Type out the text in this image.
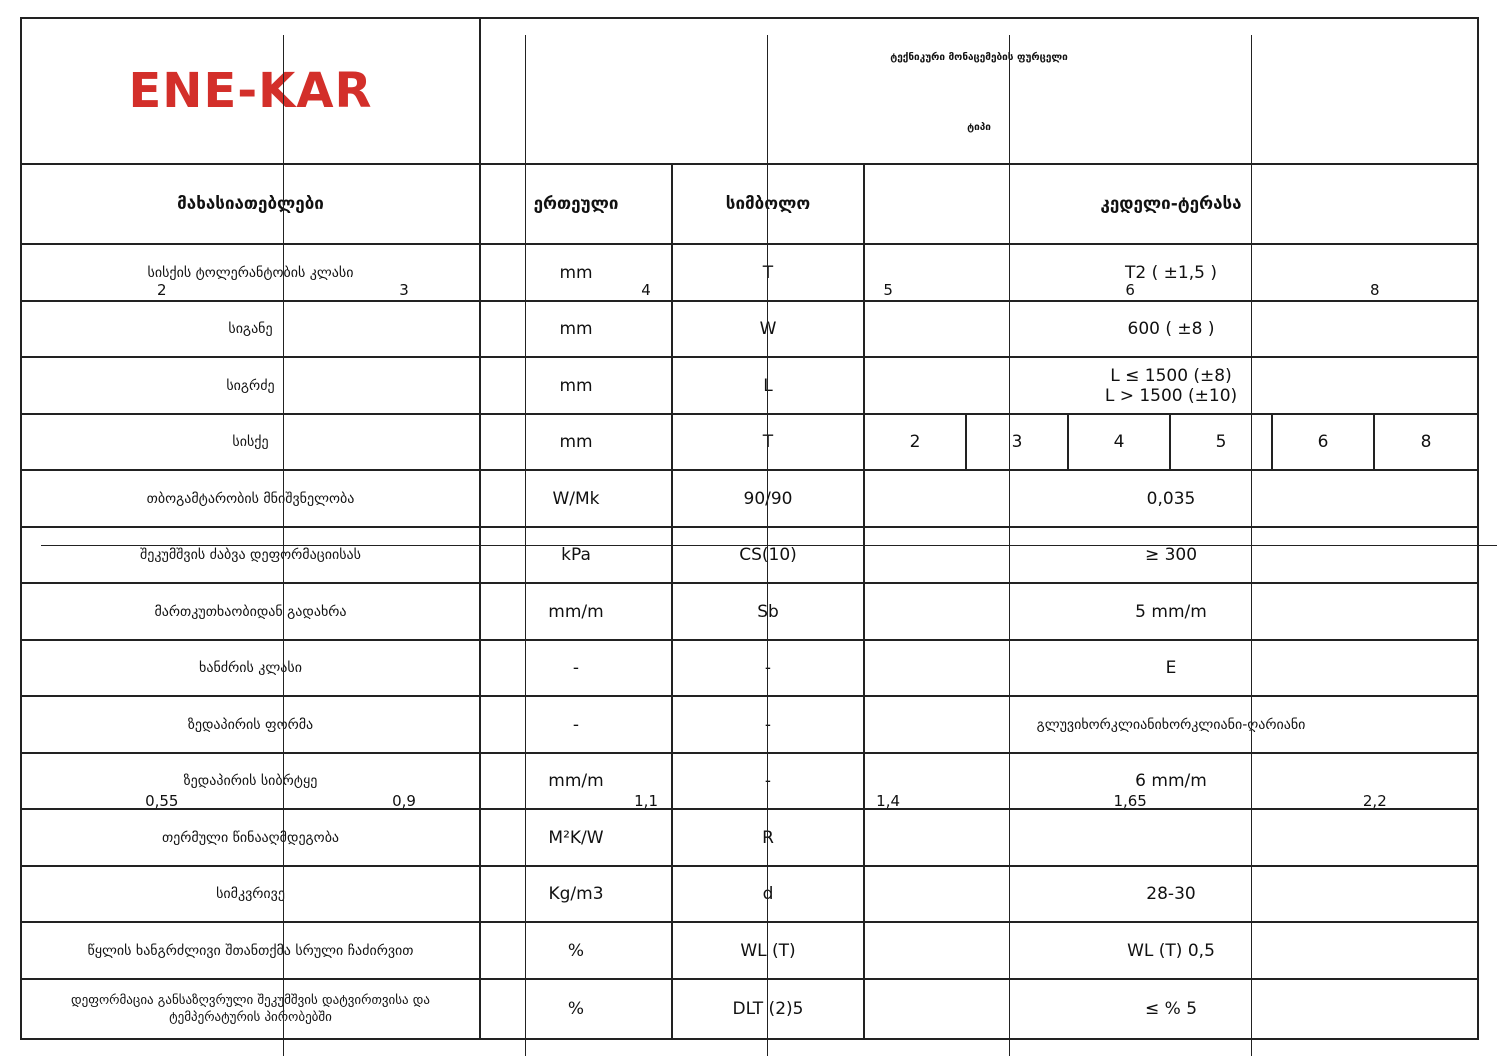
ENE-KAR	
ტექნიკური მონაცემების ფურცელი
ტიპი

მახასიათებლები	ერთეული	სიმბოლო	კედელი-ტერასა
სისქის ტოლერანტობის კლასი	mm	T	T2 ( ±1,5 )
სიგანე	mm	W	600 ( ±8 )
სიგრძე	mm	L	L ≤ 1500 (±8)
L > 1500 (±10)

სისქე	mm	T	2	3	4	5	6	8
თბოგამტარობის მნიშვნელობა	W/Mk	90/90	0,035
შეკუმშვის ძაბვა დეფორმაციისას	kPa	CS(10)	≥ 300
მართკუთხაობიდან გადახრა	mm/m	Sb	5 mm/m
ხანძრის კლასი	-	-	E
ზედაპირის ფორმა	-	-	გლუვიხორკლიანიხორკლიანი-ღარიანი
ზედაპირის სიბრტყე	mm/m	-	6 mm/m
თერმული წინააღმდეგობა	M²K/W	R	
2	3	4	5	6	8
0,55	0,9	1,1	1,4	1,65	2,2

სიმკვრივე	Kg/m3	d	28-30
წყლის ხანგრძლივი შთანთქმა სრული ჩაძირვით	%	WL (T)	WL (T) 0,5

დეფორმაცია განსაზღვრული შეკუმშვის დატვირთვისა და
ტემპერატურის პირობებში	%	DLT (2)5	≤ % 5
